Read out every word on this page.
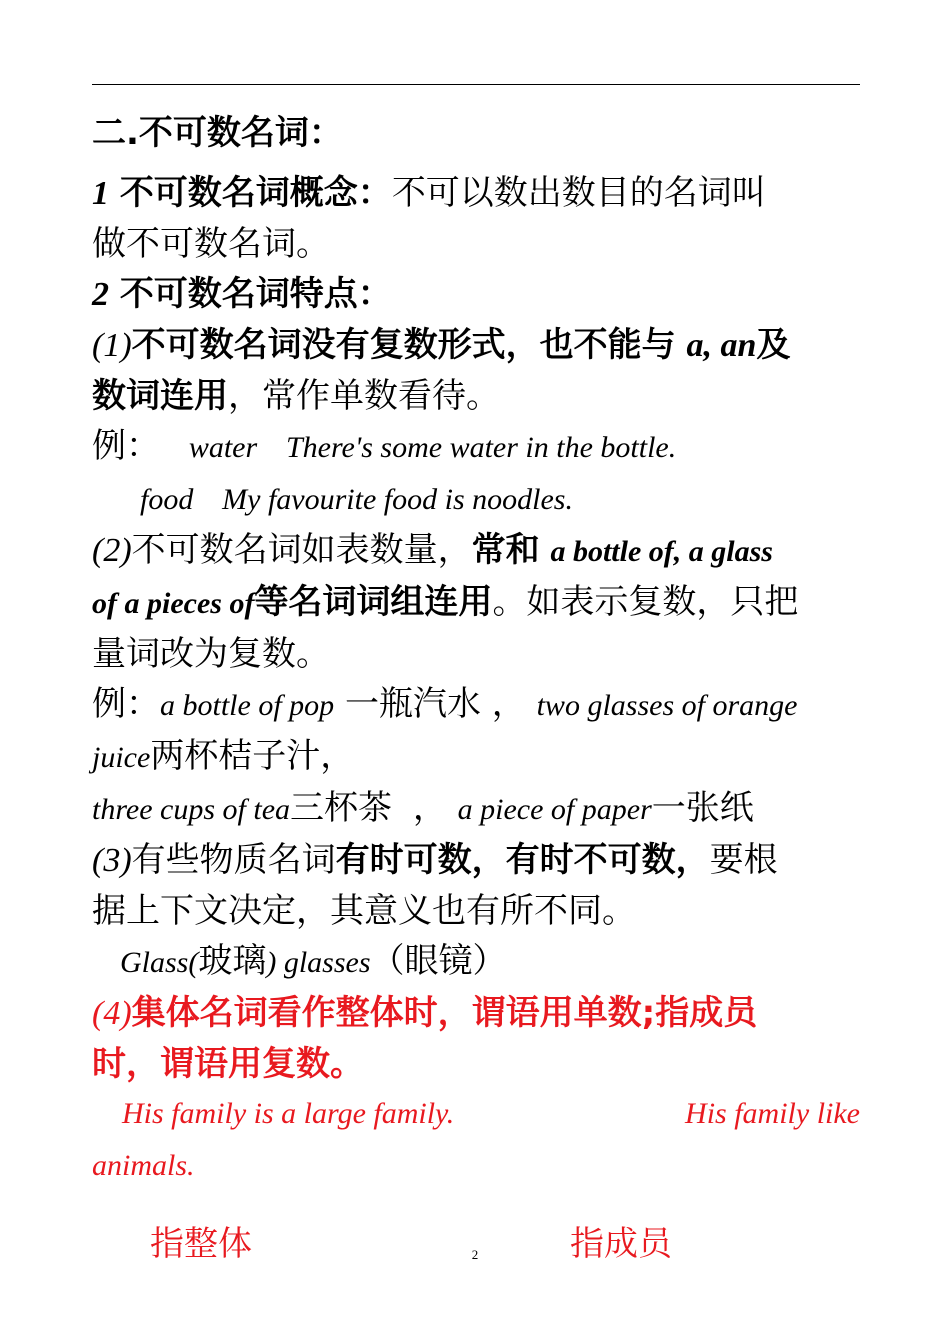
二.不可数名词：
1 不可数名词概念：不可以数出数目的名词叫
做不可数名词。
2 不可数名词特点：
(1)不可数名词没有复数形式，也不能与 a, an及
数词连用，常作单数看待。
例： water There's some water in the bottle.
food My favourite food is noodles.
(2)不可数名词如表数量，常和 a bottle of, a glass
of a pieces of等名词词组连用。如表示复数，只把
量词改为复数。
例：a bottle of pop 一瓶汽水 ， two glasses of orange
juice两杯桔子汁，
three cups of tea三杯茶 ， a piece of paper一张纸
(3)有些物质名词有时可数，有时不可数，要根
据上下文决定，其意义也有所不同。
Glass(玻璃) glasses（眼镜）
(4)集体名词看作整体时，谓语用单数;指成员
时，谓语用复数。
His family is a large family.	His family like
animals.
指整体	指成员
2
